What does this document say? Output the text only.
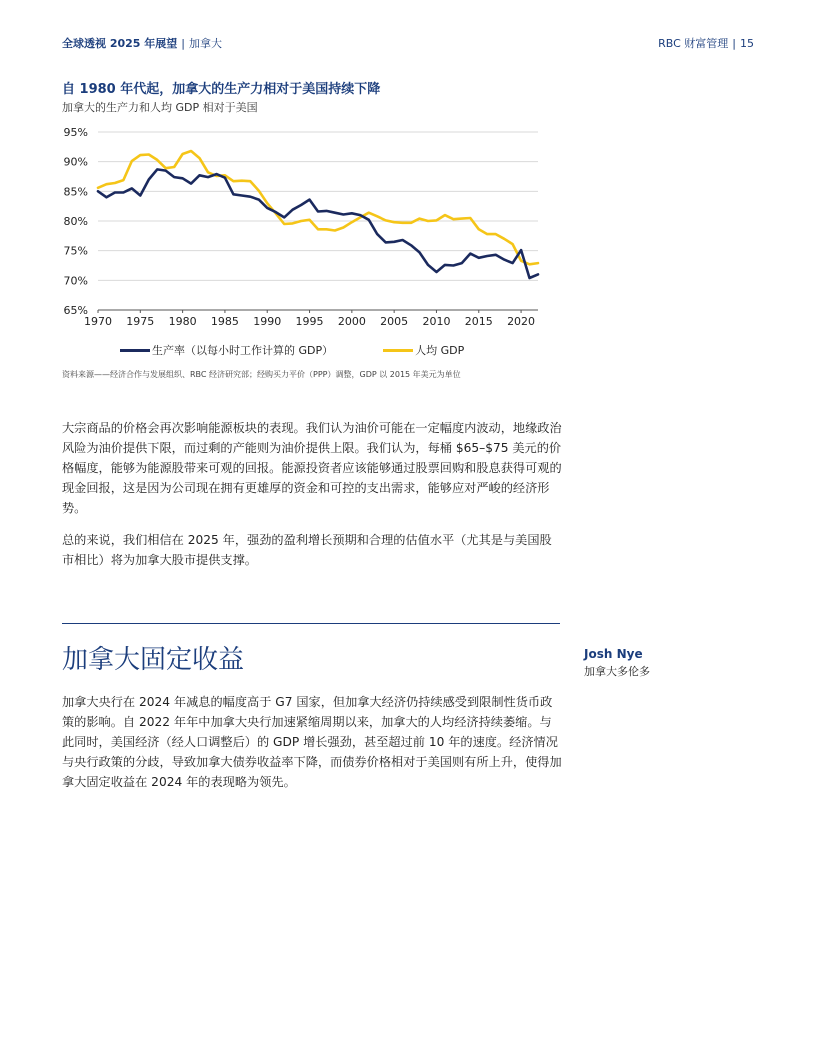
全球透视 2025 年展望 | 加拿大	RBC 财富管理 | 15
自 1980 年代起，加拿大的生产力相对于美国持续下降
加拿大的生产力和人均 GDP 相对于美国
95%
90%
85%
80%
75%
70%
65%
1970 1975 1980 1985 1990 1995 2000 2005 2010 2015 2020
生产率（以每小时工作计算的 GDP）	人均 GDP
资料来源——经济合作与发展组织、RBC 经济研究部；经购买力平价（PPP）调整，GDP 以 2015 年美元为单位
大宗商品的价格会再次影响能源板块的表现。我们认为油价可能在一定幅度内波动，地缘政治风险为油价提供下限，而过剩的产能则为油价提供上限。我们认为，每桶 $65–$75 美元的价格幅度，能够为能源股带来可观的回报。能源投资者应该能够通过股票回购和股息获得可观的现金回报，这是因为公司现在拥有更雄厚的资金和可控的支出需求，能够应对严峻的经济形势。
总的来说，我们相信在 2025 年，强劲的盈利增长预期和合理的估值水平（尤其是与美国股市相比）将为加拿大股市提供支撑。
加拿大固定收益	Josh Nye
加拿大多伦多
加拿大央行在 2024 年减息的幅度高于 G7 国家，但加拿大经济仍持续感受到限制性货币政策的影响。自 2022 年年中加拿大央行加速紧缩周期以来，加拿大的人均经济持续萎缩。与此同时，美国经济（经人口调整后）的 GDP 增长强劲，甚至超过前 10 年的速度。经济情况与央行政策的分歧，导致加拿大债券收益率下降，而债券价格相对于美国则有所上升，使得加拿大固定收益在 2024 年的表现略为领先。
